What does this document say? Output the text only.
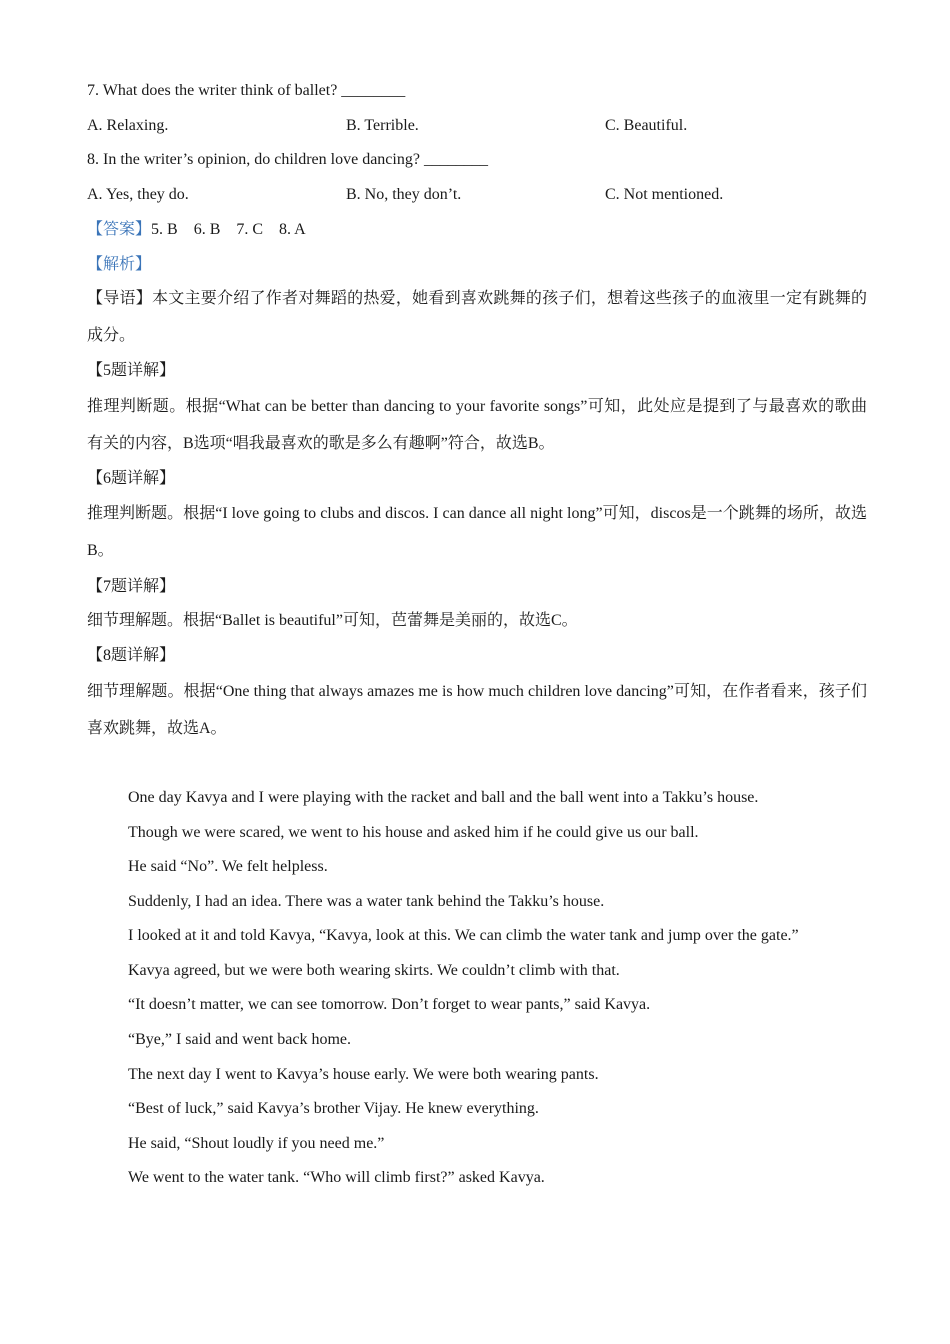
7. What does the writer think of ballet? ________
A. Relaxing.	B. Terrible.	C. Beautiful.
8. In the writer’s opinion, do children love dancing? ________
A. Yes, they do.	B. No, they don’t.	C. Not mentioned.
【答案】5. B    6. B    7. C    8. A
【解析】
【导语】本文主要介绍了作者对舞蹈的热爱，她看到喜欢跳舞的孩子们，想着这些孩子的血液里一定有跳舞的成分。
【5题详解】
推理判断题。根据“What can be better than dancing to your favorite songs”可知，此处应是提到了与最喜欢的歌曲有关的内容，B选项“唱我最喜欢的歌是多么有趣啊”符合，故选B。
【6题详解】
推理判断题。根据“I love going to clubs and discos. I can dance all night long”可知，discos是一个跳舞的场所，故选B。
【7题详解】
细节理解题。根据“Ballet is beautiful”可知，芭蕾舞是美丽的，故选C。
【8题详解】
细节理解题。根据“One thing that always amazes me is how much children love dancing”可知，在作者看来，孩子们喜欢跳舞，故选A。
One day Kavya and I were playing with the racket and ball and the ball went into a Takku’s house.
Though we were scared, we went to his house and asked him if he could give us our ball.
He said “No”. We felt helpless.
Suddenly, I had an idea. There was a water tank behind the Takku’s house.
I looked at it and told Kavya, “Kavya, look at this. We can climb the water tank and jump over the gate.”
Kavya agreed, but we were both wearing skirts. We couldn’t climb with that.
“It doesn’t matter, we can see tomorrow. Don’t forget to wear pants,” said Kavya.
“Bye,” I said and went back home.
The next day I went to Kavya’s house early. We were both wearing pants.
“Best of luck,” said Kavya’s brother Vijay. He knew everything.
He said, “Shout loudly if you need me.”
We went to the water tank. “Who will climb first?” asked Kavya.
